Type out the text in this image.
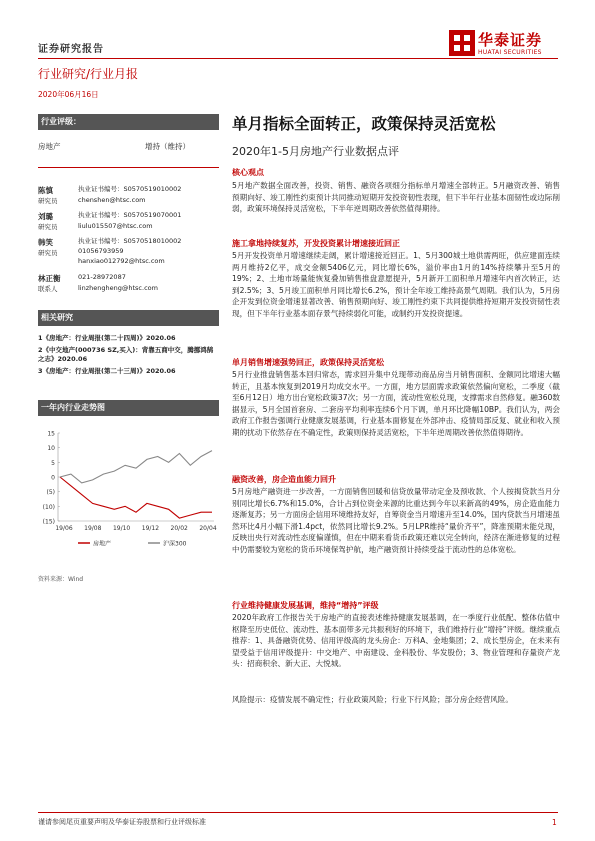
证券研究报告
华泰证券
HUATAI SECURITIES
行业研究/行业月报
2020年06月16日
行业评级：
房地产	增持（维持）
陈慎
研究员
执业证书编号：S0570519010002
chenshen@htsc.com
刘璐
研究员
执业证书编号：S0570519070001
liulu015507@htsc.com
韩笑
研究员
执业证书编号：S0570518010002
01056793959
hanxiao012792@htsc.com
林正衡
联系人
021-28972087
linzhengheng@htsc.com
相关研究
1《房地产：行业周报(第二十四周)》2020.06
2《中交地产(000736 SZ,买入)：背靠五商中交，腾挪鸿鹄之志》2020.06
3《房地产：行业周报(第二十三周)》2020.06
一年内行业走势图
15
10
5
0
(5)
(10)
(15)
19/06 19/08 19/10 19/12 20/02 20/04
房地产	沪深300
资料来源：Wind
单月指标全面转正，政策保持灵活宽松
2020年1-5月房地产行业数据点评
核心观点
5月地产数据全面改善，投资、销售、融资各项细分指标单月增速全部转正。5月融资改善、销售预期向好、竣工刚性约束预计共同推动短期开发投资韧性表现，但下半年行业基本面韧性或边际削弱，政策环境保持灵活宽松，下半年逆周期改善依然值得期待。
施工拿地持续复苏，开发投资累计增速接近回正
5月开发投资单月增速继续走阔，累计增速接近回正。1、5月300城土地供需两旺，供应建面连续两月维持2亿平，成交金额5406亿元，同比增长6%，溢价率由1月的14%持续攀升至5月的19%；2、土地市场量能恢复叠加销售推盘意愿提升，5月新开工面积单月增速年内首次转正，达到2.5%；3、5月竣工面积单月同比增长6.2%，预计全年竣工维持高景气周期。我们认为，5月房企开发到位资金增速显著改善、销售预期向好、竣工刚性约束下共同提供维持短期开发投资韧性表现，但下半年行业基本面存景气持续弱化可能，或制约开发投资提速。
单月销售增速强势回正，政策保持灵活宽松
5月行业推盘销售基本回归常态，需求回升集中兑现带动商品房当月销售面积、金额同比增速大幅转正，且基本恢复到2019月均成交水平。一方面，地方层面需求政策依然偏向宽松，二季度（截至6月12日）地方出台宽松政策37次；另一方面，流动性宽松兑现，支撑需求自然修复。融360数据显示，5月全国首套房、二套房平均利率连续6个月下调，单月环比降幅10BP。我们认为，两会政府工作报告强调行业健康发展基调，行业基本面修复在外部冲击、疫情局部反复、就业和收入预期的扰动下依然存在不确定性，政策则保持灵活宽松，下半年逆周期改善依然值得期待。
融资改善，房企造血能力回升
5月房地产融资进一步改善，一方面销售回暖和信贷放量带动定金及预收款、个人按揭贷款当月分别同比增长6.7%和15.0%，合计占到位资金来源的比重达到今年以来新高的49%，房企造血能力逐渐复苏；另一方面房企信用环境维持友好，自筹资金当月增速升至14.0%，国内贷款当月增速虽然环比4月小幅下滑1.4pct，依然同比增长9.2%。5月LPR维持“量价齐平”，降准预期未能兑现，反映出央行对流动性态度偏谨慎，但在中期来看货币政策还难以完全转向，经济在渐进修复的过程中仍需要较为宽松的货币环境保驾护航，地产融资预计持续受益于流动性的总体宽松。
行业维持健康发展基调，维持“增持”评级
2020年政府工作报告关于房地产的直接表述维持健康发展基调，在一季度行业低配、整体估值中枢降至历史低位、流动性、基本面带多元共振利好的环境下，我们维持行业“增持”评级。继续重点推荐：1、具备融资优势、信用评级高的龙头房企：万科A、金地集团；2、成长型房企，在未来有望受益于信用评级提升：中交地产、中南建设、金科股份、华发股份；3、物业管理和存量资产龙头：招商积余、新大正、大悦城。
风险提示：疫情发展不确定性；行业政策风险；行业下行风险；部分房企经营风险。
谨请参阅尾页重要声明及华泰证券股票和行业评级标准	1
